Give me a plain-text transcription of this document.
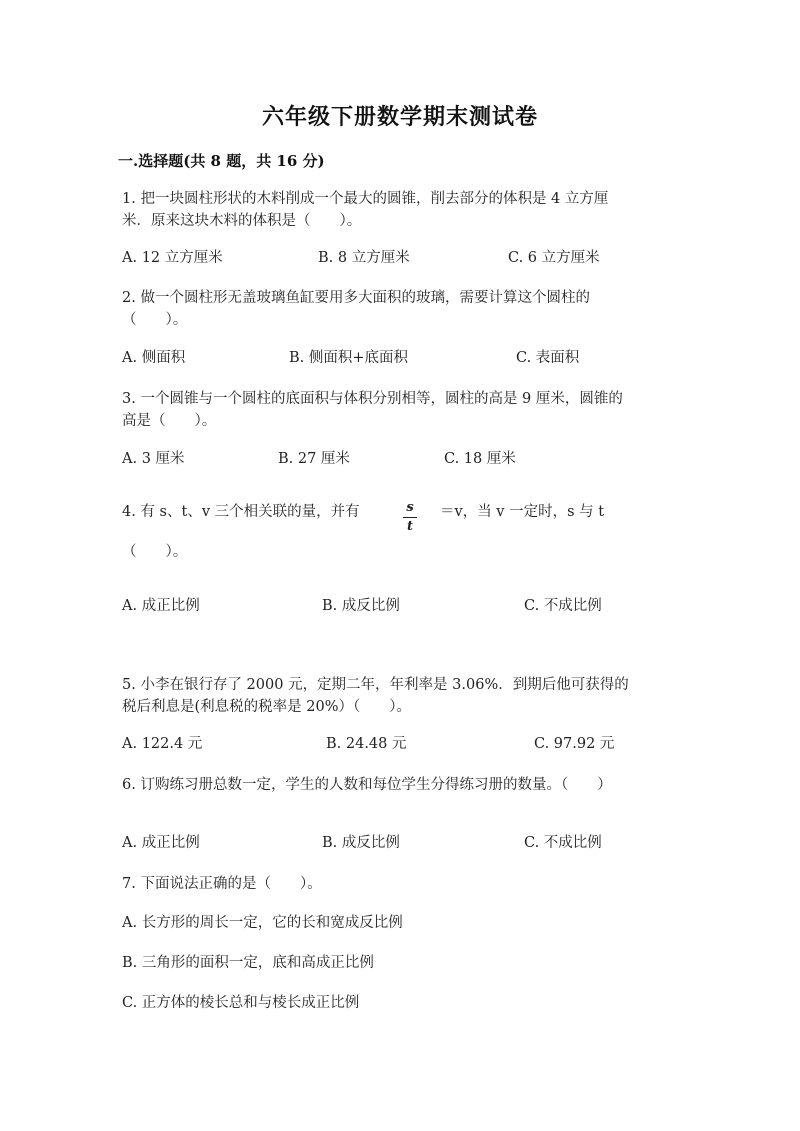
六年级下册数学期末测试卷
一.选择题(共 8 题，共 16 分)
1. 把一块圆柱形状的木料削成一个最大的圆锥，削去部分的体积是 4 立方厘
米．原来这块木料的体积是（　　）。
A. 12 立方厘米	B. 8 立方厘米	C. 6 立方厘米
2. 做一个圆柱形无盖玻璃鱼缸要用多大面积的玻璃，需要计算这个圆柱的
（　　）。
A. 侧面积	B. 侧面积+底面积	C. 表面积
3. 一个圆锥与一个圆柱的底面积与体积分别相等，圆柱的高是 9 厘米，圆锥的
高是（　　）。
A. 3 厘米	B. 27 厘米	C. 18 厘米
4. 有 s、t、v 三个相关联的量，并有	s
t
＝v，当 v 一定时，s 与 t
（　　）。
A. 成正比例	B. 成反比例	C. 不成比例
5. 小李在银行存了 2000 元，定期二年，年利率是 3.06%．到期后他可获得的
税后利息是(利息税的税率是 20%）（　　）。
A. 122.4 元	B. 24.48 元	C. 97.92 元
6. 订购练习册总数一定，学生的人数和每位学生分得练习册的数量。（　　）
A. 成正比例	B. 成反比例	C. 不成比例
7. 下面说法正确的是（　　）。
A. 长方形的周长一定，它的长和宽成反比例
B. 三角形的面积一定，底和高成正比例
C. 正方体的棱长总和与棱长成正比例
